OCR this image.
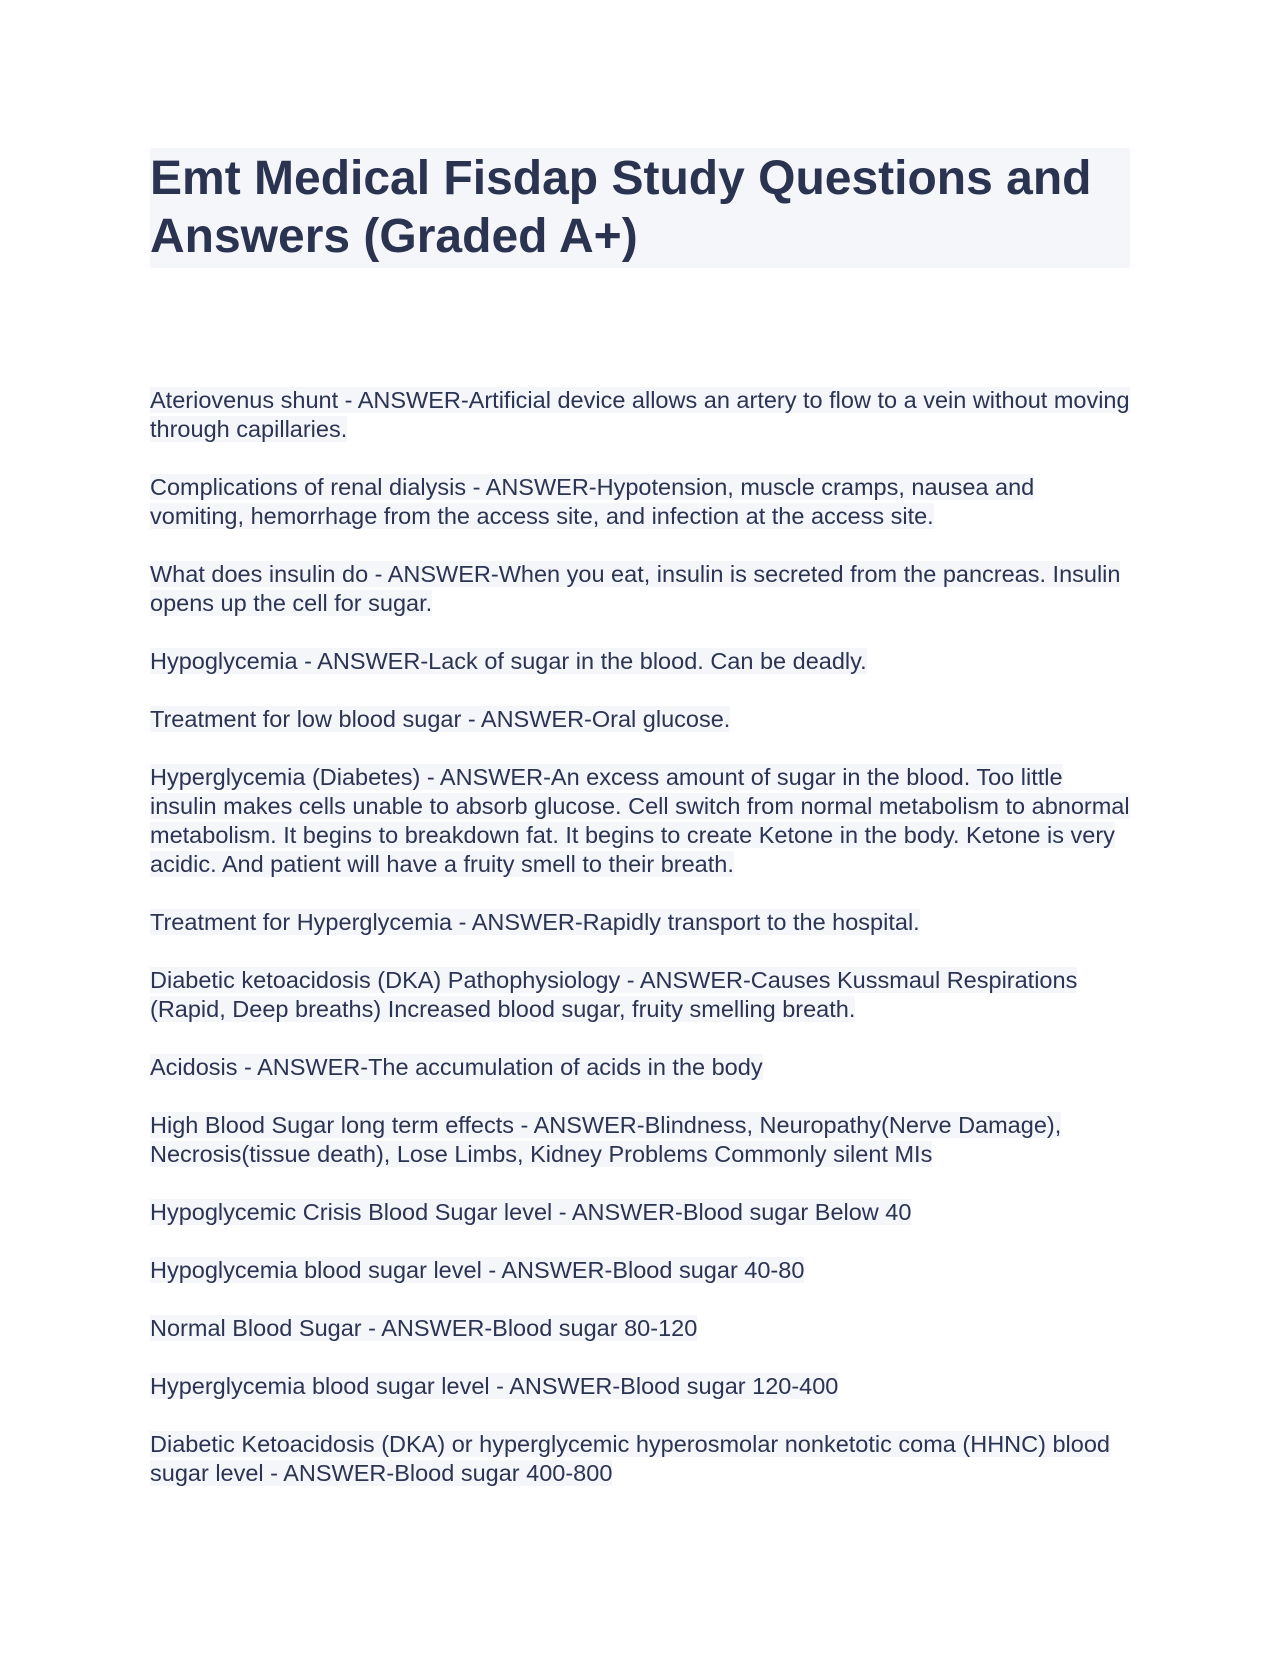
Emt Medical Fisdap Study Questions and Answers (Graded A+)

Ateriovenus shunt - ANSWER-Artificial device allows an artery to flow to a vein without moving through capillaries.

Complications of renal dialysis - ANSWER-Hypotension, muscle cramps, nausea and vomiting, hemorrhage from the access site, and infection at the access site.

What does insulin do - ANSWER-When you eat, insulin is secreted from the pancreas. Insulin opens up the cell for sugar.

Hypoglycemia - ANSWER-Lack of sugar in the blood. Can be deadly.

Treatment for low blood sugar - ANSWER-Oral glucose.

Hyperglycemia (Diabetes) - ANSWER-An excess amount of sugar in the blood. Too little insulin makes cells unable to absorb glucose. Cell switch from normal metabolism to abnormal metabolism. It begins to breakdown fat. It begins to create Ketone in the body. Ketone is very acidic. And patient will have a fruity smell to their breath.

Treatment for Hyperglycemia - ANSWER-Rapidly transport to the hospital.

Diabetic ketoacidosis (DKA) Pathophysiology - ANSWER-Causes Kussmaul Respirations (Rapid, Deep breaths) Increased blood sugar, fruity smelling breath.

Acidosis - ANSWER-The accumulation of acids in the body

High Blood Sugar long term effects - ANSWER-Blindness, Neuropathy(Nerve Damage), Necrosis(tissue death), Lose Limbs, Kidney Problems Commonly silent MIs

Hypoglycemic Crisis Blood Sugar level - ANSWER-Blood sugar Below 40

Hypoglycemia blood sugar level - ANSWER-Blood sugar 40-80

Normal Blood Sugar - ANSWER-Blood sugar 80-120

Hyperglycemia blood sugar level - ANSWER-Blood sugar 120-400

Diabetic Ketoacidosis (DKA) or hyperglycemic hyperosmolar nonketotic coma (HHNC) blood sugar level - ANSWER-Blood sugar 400-800
